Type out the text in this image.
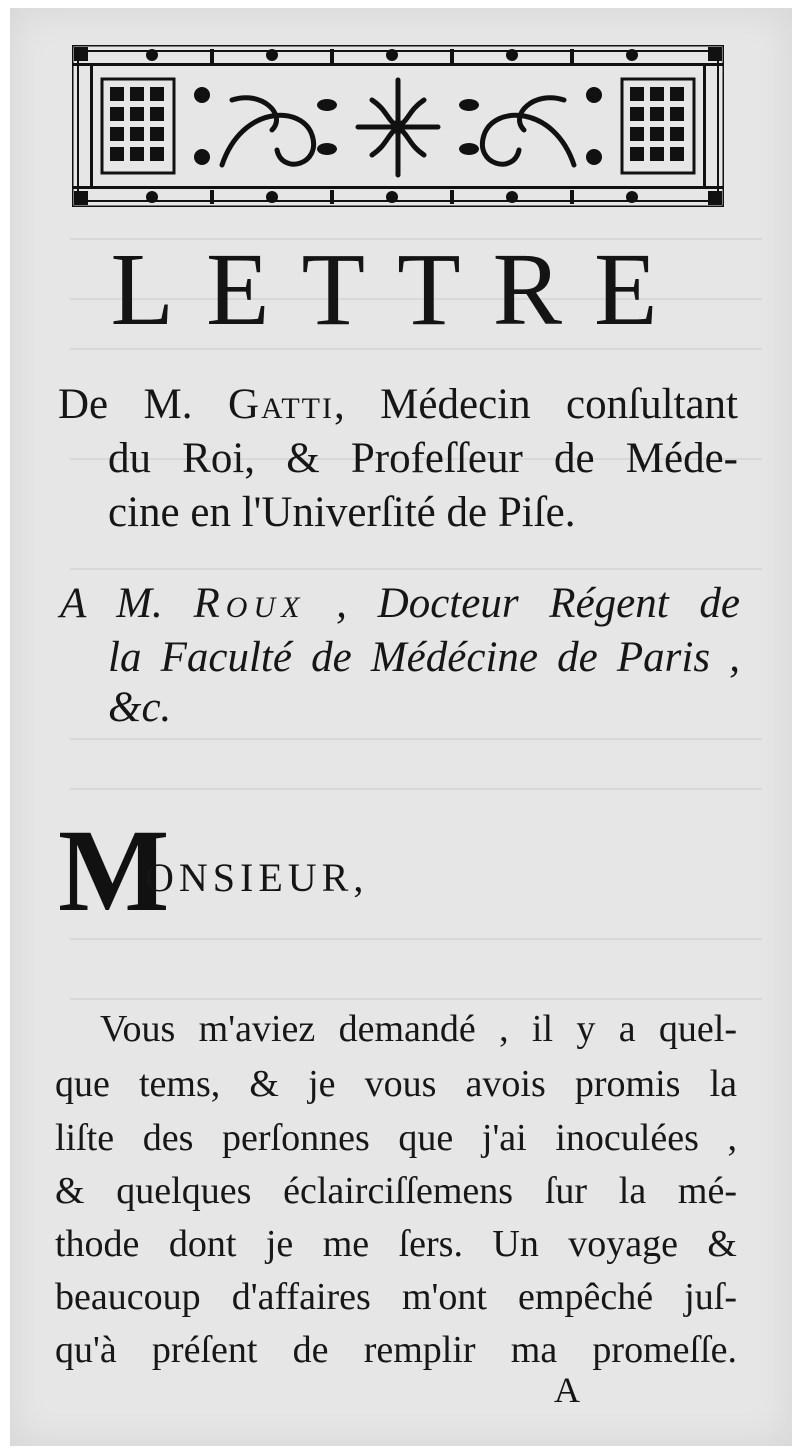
LETTRE
De M. Gatti, Médecin conſultant
du Roi, & Profeſſeur de Méde-
cine en l'Univerſité de Piſe.
A M. Roux , Docteur Régent de
la Faculté de Médécine de Paris ,
&c.
M
ONSIEUR,
Vous m'aviez demandé , il y a quel-
que tems, & je vous avois promis la
liſte des perſonnes que j'ai inoculées ,
& quelques éclairciſſemens ſur la mé-
thode dont je me ſers. Un voyage &
beaucoup d'affaires m'ont empêché juſ-
qu'à préſent de remplir ma promeſſe.
A
